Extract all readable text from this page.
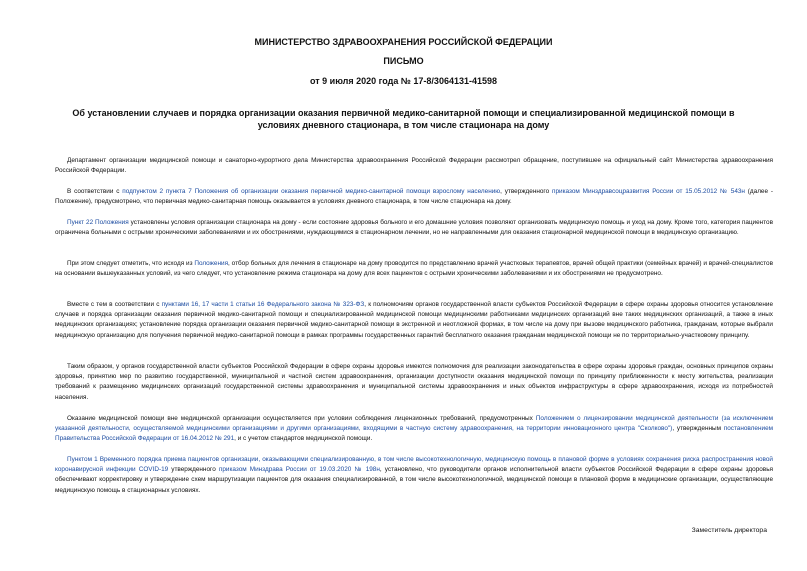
МИНИСТЕРСТВО ЗДРАВООХРАНЕНИЯ РОССИЙСКОЙ ФЕДЕРАЦИИ
ПИСЬМО
от 9 июля 2020 года № 17-8/3064131-41598
Об установлении случаев и порядка организации оказания первичной медико-санитарной помощи и специализированной медицинской помощи в условиях дневного стационара, в том числе стационара на дому

Департамент организации медицинской помощи и санаторно-курортного дела Министерства здравоохранения Российской Федерации рассмотрел обращение, поступившее на официальный сайт Министерства здравоохранения Российской Федерации.

В соответствии с подпунктом 2 пункта 7 Положения об организации оказания первичной медико-санитарной помощи взрослому населению, утвержденного приказом Минздравсоцразвития России от 15.05.2012 № 543н (далее - Положение), предусмотрено, что первичная медико-санитарная помощь оказывается в условиях дневного стационара, в том числе стационара на дому.

Пункт 22 Положения установлены условия организации стационара на дому - если состояние здоровья больного и его домашние условия позволяют организовать медицинскую помощь и уход на дому. Кроме того, категория пациентов ограничена больными с острыми хроническими заболеваниями и их обострениями, нуждающимися в стационарном лечении, но не направленными для оказания стационарной медицинской помощи в медицинскую организацию.

При этом следует отметить, что исходя из Положения, отбор больных для лечения в стационаре на дому проводится по представлению врачей участковых терапевтов, врачей общей практики (семейных врачей) и врачей-специалистов на основании вышеуказанных условий, из чего следует, что установление режима стационара на дому для всех пациентов с острыми хроническими заболеваниями и их обострениями не предусмотрено.

Вместе с тем в соответствии с пунктами 16, 17 части 1 статьи 16 Федерального закона № 323-ФЗ, к полномочиям органов государственной власти субъектов Российской Федерации в сфере охраны здоровья относится установление случаев и порядка организации оказания первичной медико-санитарной помощи и специализированной медицинской помощи медицинскими работниками медицинских организаций вне таких медицинских организаций, а также в иных медицинских организациях; установление порядка организации оказания первичной медико-санитарной помощи в экстренной и неотложной формах, в том числе на дому при вызове медицинского работника, гражданам, которые выбрали медицинскую организацию для получения первичной медико-санитарной помощи в рамках программы государственных гарантий бесплатного оказания гражданам медицинской помощи не по территориально-участковому принципу.

Таким образом, у органов государственной власти субъектов Российской Федерации в сфере охраны здоровья имеются полномочия для реализации законодательства в сфере охраны здоровья граждан, основных принципов охраны здоровья, принятию мер по развитию государственной, муниципальной и частной систем здравоохранения, организации доступности оказания медицинской помощи по принципу приближенности к месту жительства, реализации требований к размещению медицинских организаций государственной системы здравоохранения и муниципальной системы здравоохранения и иных объектов инфраструктуры в сфере здравоохранения, исходя из потребностей населения.

Оказание медицинской помощи вне медицинской организации осуществляется при условии соблюдения лицензионных требований, предусмотренных Положением о лицензировании медицинской деятельности (за исключением указанной деятельности, осуществляемой медицинскими организациями и другими организациями, входящими в частную систему здравоохранения, на территории инновационного центра "Сколково"), утвержденным постановлением Правительства Российской Федерации от 16.04.2012 № 291, и с учетом стандартов медицинской помощи.

Пунктом 1 Временного порядка приема пациентов организации, оказывающими специализированную, в том числе высокотехнологичную, медицинскую помощь в плановой форме в условиях сохранения риска распространения новой коронавирусной инфекции COVID-19 утвержденного приказом Минздрава России от 19.03.2020 № 198н, установлено, что руководители органов исполнительной власти субъектов Российской Федерации в сфере охраны здоровья обеспечивают корректировку и утверждение схем маршрутизации пациентов для оказания специализированной, в том числе высокотехнологичной, медицинской помощи в плановой форме в медицинские организации, осуществляющие медицинскую помощь в стационарных условиях.

Заместитель директора
